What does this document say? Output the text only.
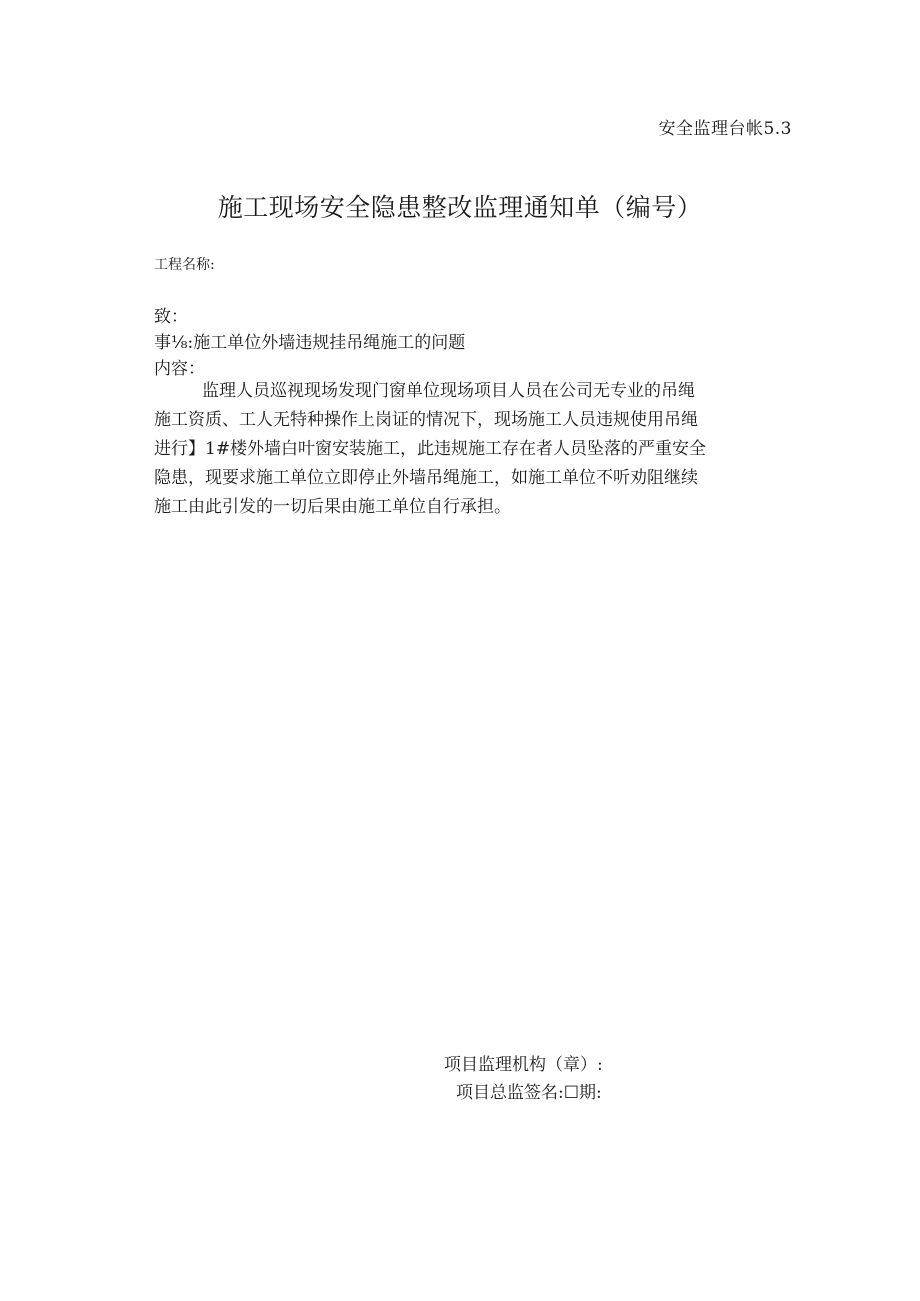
安全监理台帐5.3
施工现场安全隐患整改监理通知单（编号）
工程名称:
致：
事⅛:施工单位外墙违规挂吊绳施工的问题
内容：
监理人员巡视现场发现门窗单位现场项目人员在公司无专业的吊绳
施工资质、工人无特种操作上岗证的情况下，现场施工人员违规使用吊绳
进行】1#楼外墙白叶窗安装施工，此违规施工存在者人员坠落的严重安全
隐患，现要求施工单位立即停止外墙吊绳施工，如施工单位不听劝阻继续
施工由此引发的一切后果由施工单位自行承担。
项目监理机构（章）:
项目总监签名:☐期:
